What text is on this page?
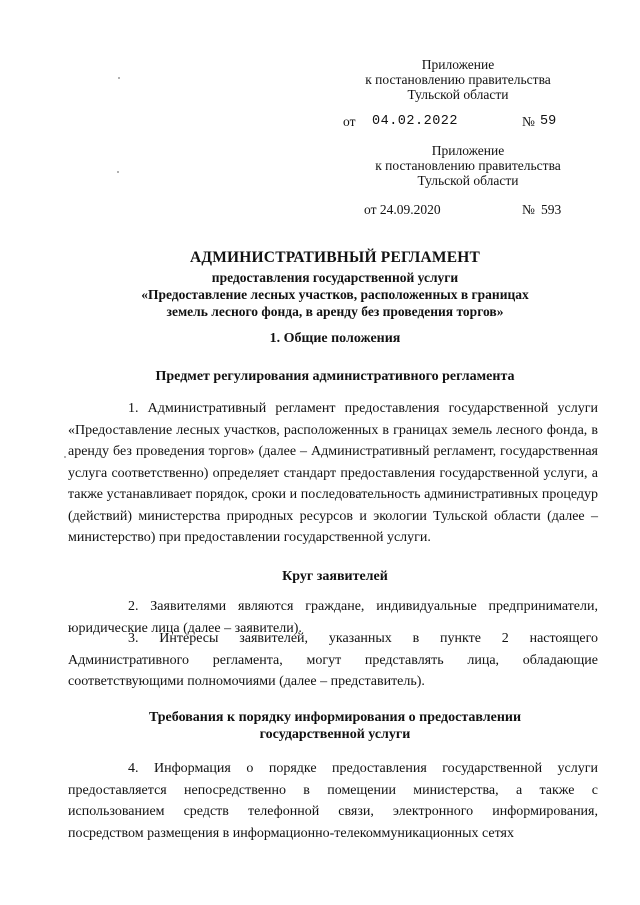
Приложение
к постановлению правительства
Тульской области
от 04.02.2022	№ 59
Приложение
к постановлению правительства
Тульской области
от 24.09.2020	№ 593
АДМИНИСТРАТИВНЫЙ РЕГЛАМЕНТ
предоставления государственной услуги
«Предоставление лесных участков, расположенных в границах
земель лесного фонда, в аренду без проведения торгов»
1. Общие положения
Предмет регулирования административного регламента

1. Административный регламент предоставления государственной услуги «Предоставление лесных участков, расположенных в границах земель лесного фонда, в аренду без проведения торгов» (далее – Административный регламент, государственная услуга соответственно) определяет стандарт предоставления государственной услуги, а также устанавливает порядок, сроки и последовательность административных процедур (действий) министерства природных ресурсов и экологии Тульской области (далее – министерство) при предоставлении государственной услуги.

Круг заявителей

2. Заявителями являются граждане, индивидуальные предприниматели, юридические лица (далее – заявители).

3. Интересы заявителей, указанных в пункте 2 настоящего Административного регламента, могут представлять лица, обладающие соответствующими полномочиями (далее – представитель).

Требования к порядку информирования о предоставлении
государственной услуги

4. Информация о порядке предоставления государственной услуги предоставляется непосредственно в помещении министерства, а также с использованием средств телефонной связи, электронного информирования, посредством размещения в информационно-телекоммуникационных сетях
